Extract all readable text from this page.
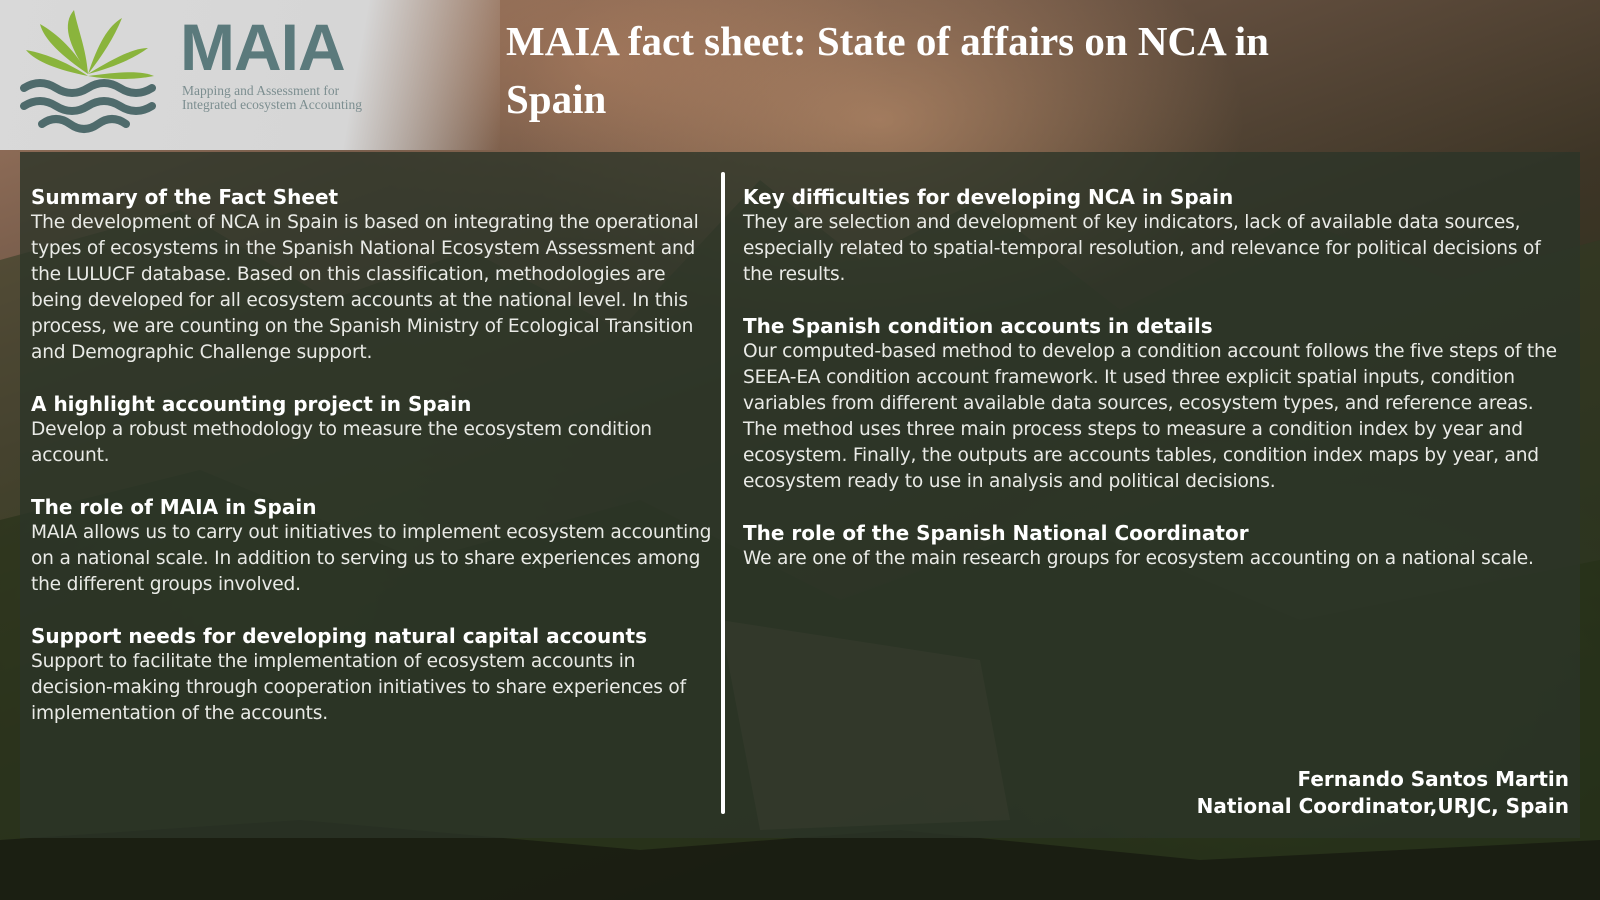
MAIA
Mapping and Assessment for
Integrated ecosystem Accounting
MAIA fact sheet: State of affairs on NCA in Spain
Summary of the Fact Sheet

The development of NCA in Spain is based on integrating the operational types of ecosystems in the Spanish National Ecosystem Assessment and the LULUCF database. Based on this classification, methodologies are being developed for all ecosystem accounts at the national level. In this process, we are counting on the Spanish Ministry of Ecological Transition and Demographic Challenge support.

A highlight accounting project in Spain

Develop a robust methodology to measure the ecosystem condition account.

The role of MAIA in Spain

MAIA allows us to carry out initiatives to implement ecosystem accounting on a national scale. In addition to serving us to share experiences among the different groups involved.

Support needs for developing natural capital accounts

Support to facilitate the implementation of ecosystem accounts in decision-making through cooperation initiatives to share experiences of implementation of the accounts.

Key difficulties for developing NCA in Spain

They are selection and development of key indicators, lack of available data sources, especially related to spatial-temporal resolution, and relevance for political decisions of the results.

The Spanish condition accounts in details

Our computed-based method to develop a condition account follows the five steps of the SEEA-EA condition account framework. It used three explicit spatial inputs, condition variables from different available data sources, ecosystem types, and reference areas. The method uses three main process steps to measure a condition index by year and ecosystem. Finally, the outputs are accounts tables, condition index maps by year, and ecosystem ready to use in analysis and political decisions.

The role of the Spanish National Coordinator

We are one of the main research groups for ecosystem accounting on a national scale.

Fernando Santos Martin
National Coordinator,URJC, Spain
